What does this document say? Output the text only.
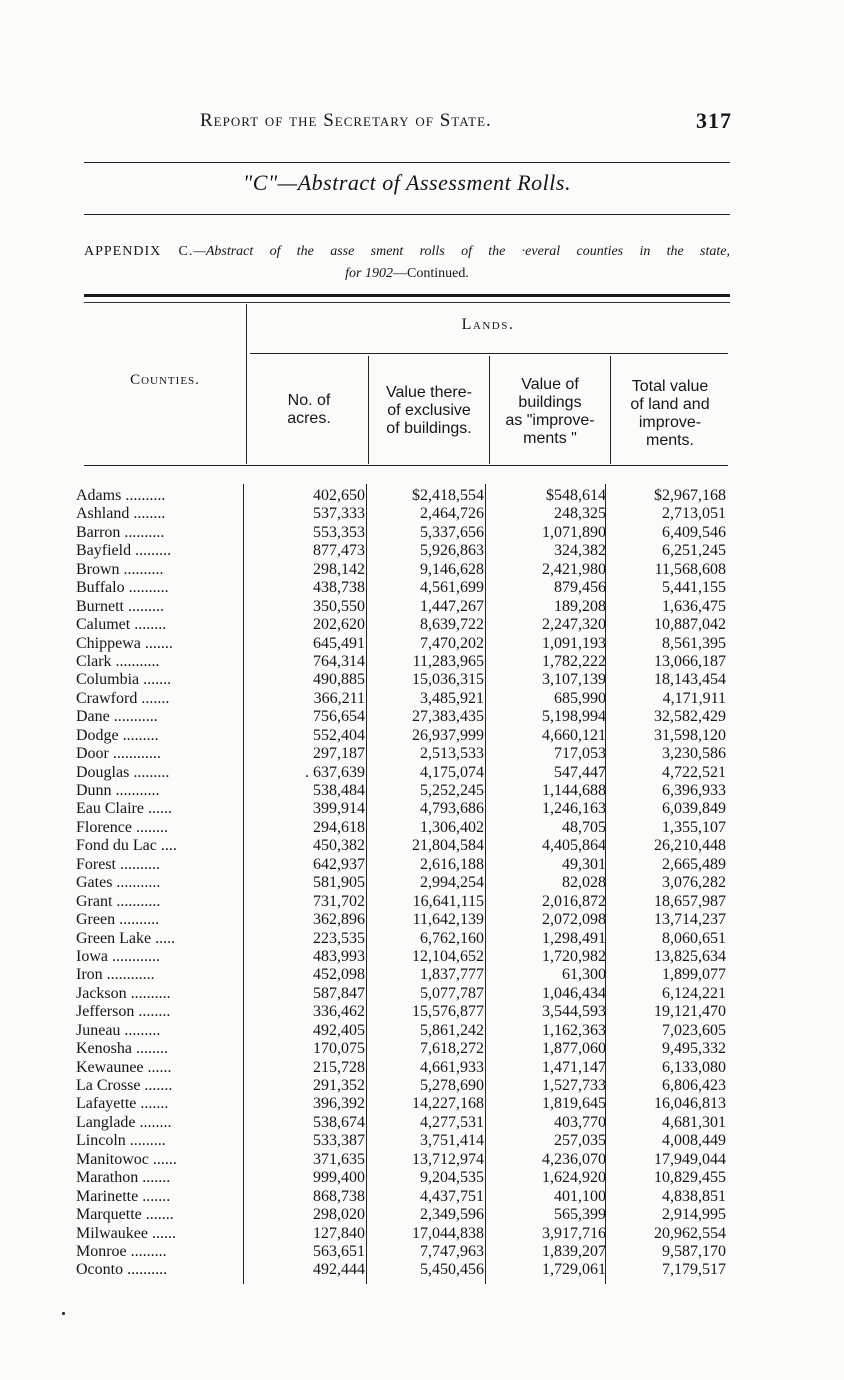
Report of the Secretary of State.	317
"C"—Abstract of Assessment Rolls.
APPENDIX C.—Abstract of the asse sment rolls of the ·everal counties in the state,
for 1902—Continued.
Lands.
Counties.
No. of
acres.
Value there-
of exclusive
of buildings.
Value of
buildings
as "improve-
ments "
Total value
of land and
improve-
ments.
Adams ..........	402,650	$2,418,554	$548,614	$2,967,168
Ashland ........	537,333	2,464,726	248,325	2,713,051
Barron ..........	553,353	5,337,656	1,071,890	6,409,546
Bayfield .........	877,473	5,926,863	324,382	6,251,245
Brown ..........	298,142	9,146,628	2,421,980	11,568,608
Buffalo ..........	438,738	4,561,699	879,456	5,441,155
Burnett .........	350,550	1,447,267	189,208	1,636,475
Calumet ........	202,620	8,639,722	2,247,320	10,887,042
Chippewa .......	645,491	7,470,202	1,091,193	8,561,395
Clark ...........	764,314	11,283,965	1,782,222	13,066,187
Columbia .......	490,885	15,036,315	3,107,139	18,143,454
Crawford .......	366,211	3,485,921	685,990	4,171,911
Dane ...........	756,654	27,383,435	5,198,994	32,582,429
Dodge .........	552,404	26,937,999	4,660,121	31,598,120
Door ............	297,187	2,513,533	717,053	3,230,586
Douglas .........	. 637,639	4,175,074	547,447	4,722,521
Dunn ...........	538,484	5,252,245	1,144,688	6,396,933
Eau Claire ......	399,914	4,793,686	1,246,163	6,039,849
Florence ........	294,618	1,306,402	48,705	1,355,107
Fond du Lac ....	450,382	21,804,584	4,405,864	26,210,448
Forest ..........	642,937	2,616,188	49,301	2,665,489
Gates ...........	581,905	2,994,254	82,028	3,076,282
Grant ...........	731,702	16,641,115	2,016,872	18,657,987
Green ..........	362,896	11,642,139	2,072,098	13,714,237
Green Lake .....	223,535	6,762,160	1,298,491	8,060,651
Iowa ............	483,993	12,104,652	1,720,982	13,825,634
Iron ............	452,098	1,837,777	61,300	1,899,077
Jackson ..........	587,847	5,077,787	1,046,434	6,124,221
Jefferson ........	336,462	15,576,877	3,544,593	19,121,470
Juneau .........	492,405	5,861,242	1,162,363	7,023,605
Kenosha ........	170,075	7,618,272	1,877,060	9,495,332
Kewaunee ......	215,728	4,661,933	1,471,147	6,133,080
La Crosse .......	291,352	5,278,690	1,527,733	6,806,423
Lafayette .......	396,392	14,227,168	1,819,645	16,046,813
Langlade ........	538,674	4,277,531	403,770	4,681,301
Lincoln .........	533,387	3,751,414	257,035	4,008,449
Manitowoc ......	371,635	13,712,974	4,236,070	17,949,044
Marathon .......	999,400	9,204,535	1,624,920	10,829,455
Marinette .......	868,738	4,437,751	401,100	4,838,851
Marquette .......	298,020	2,349,596	565,399	2,914,995
Milwaukee ......	127,840	17,044,838	3,917,716	20,962,554
Monroe .........	563,651	7,747,963	1,839,207	9,587,170
Oconto ..........	492,444	5,450,456	1,729,061	7,179,517
